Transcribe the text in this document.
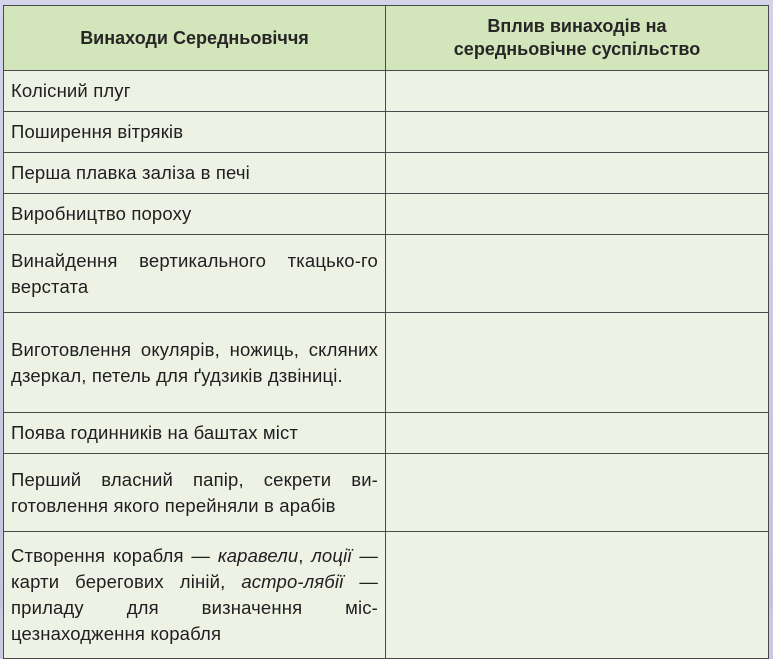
Винаходи Середньовіччя	Вплив винаходів на середньовічне суспільство

Колісний плуг	
Поширення вітряків	
Перша плавка заліза в печі	
Виробництво пороху	
Винайдення вертикального ткацько-го верстата	
Виготовлення окулярів, ножиць, скляних дзеркал, петель для ґудзиків дзвіниці.	
Поява годинників на баштах міст	
Перший власний папір, секрети ви-готовлення якого перейняли в арабів	
Створення корабля — каравели, лоції — карти берегових ліній, астро-лябії — приладу для визначення міс-цезнаходження корабля	
